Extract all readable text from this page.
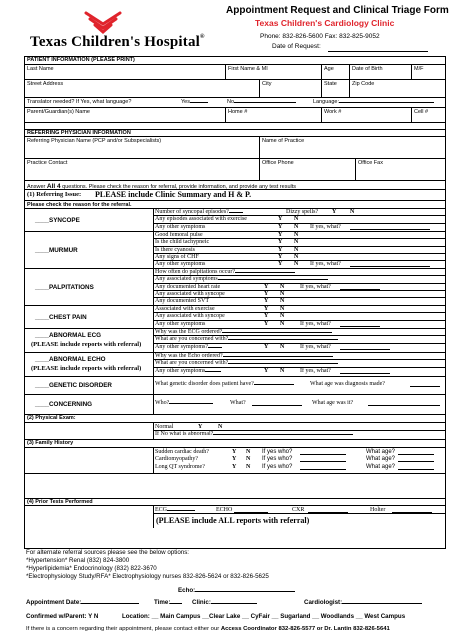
Texas Children's Hospital®
Appointment Request and Clinical Triage Form
Texas Children's Cardiology Clinic
Phone: 832-826-5600 Fax: 832-825-9052
Date of Request:
PATIENT INFORMATION (PLEASE PRINT)
Last Name	First Name & MI	Age	Date of Birth	M/F
Street Address	City	State	Zip Code
Translator needed? If Yes, what language?	Yes	No	Language:
Parent/Guardian(s) Name	Home #	Work #	Cell #
REFERRING PHYSICIAN INFORMATION
Referring Physician Name (PCP and/or Subspecialists)	Name of Practice
Practice Contact	Office Phone	Office Fax
Answer All 4 questions. Please check the reason for referral, provide information, and provide any test results
(1) Referring Issue: PLEASE include Clinic Summary and H & P.
Please check the reason for the referral.
____SYNCOPE
Number of syncopal episodes?	Dizzy spells? Y N
Any episodes associated with exercise	Y N
Any other symptoms	Y N If yes, what?
____MURMUR
Good femoral pulse	Y N
Is the child tachypneic	Y N
Is there cyanosis	Y N
Any signs of CHF	Y N
Any other symptoms	Y N If yes, what?
____PALPITATIONS
How often do palpitations occur?
Any associated symptoms
Any documented heart rate	Y N	If yes, what?
Any associated with syncope	Y N
Any documented SVT	Y N
____CHEST PAIN
Associated with exercise	Y N
Any associated with syncope	Y N
Any other symptoms	Y N	If yes, what?
____ABNORMAL ECG
(PLEASE include reports with referral)
Why was the ECG ordered?
What are you concerned with?
Any other symptoms?	Y N	If yes, what?
____ABNORMAL ECHO
(PLEASE include reports with referral)
Why was the Echo ordered?
What are you concerned with?
Any other symptoms	Y N	If yes, what?
____GENETIC DISORDER	What genetic disorder does patient have?	What age was diagnosis made?
____CONCERNING	Who?	What?	What age was it?
(2) Physical Exam:
Normal	Y	N
If No what is abnormal?
(3) Family History
Sudden cardiac death?	Y N If yes who?	What age?
Cardiomyopathy?	Y N If yes who?	What age?
Long QT syndrome?	Y N If yes who?	What age?
(4) Prior Tests Performed
ECG	ECHO	CXR	Holter
(PLEASE include ALL reports with referral)
For alternate referral sources please see the below options:
*Hypertension* Renal (832) 824-3800
*Hyperlipidemia* Endocrinology (832) 822-3670
*Electrophysiology Study/RFA* Electrophysiology nurses 832-826-5624 or 832-826-5625
Echo:
Appointment Date:	Time:	Clinic:	Cardiologist:
Confirmed w/Parent: Y N	Location: __ Main Campus __Clear Lake __ CyFair __ Sugarland __ Woodlands __ West Campus
If there is a concern regarding their appointment, please contact either our Access Coordinator 832-826-5577 or Dr. Lantin 832-826-5641
